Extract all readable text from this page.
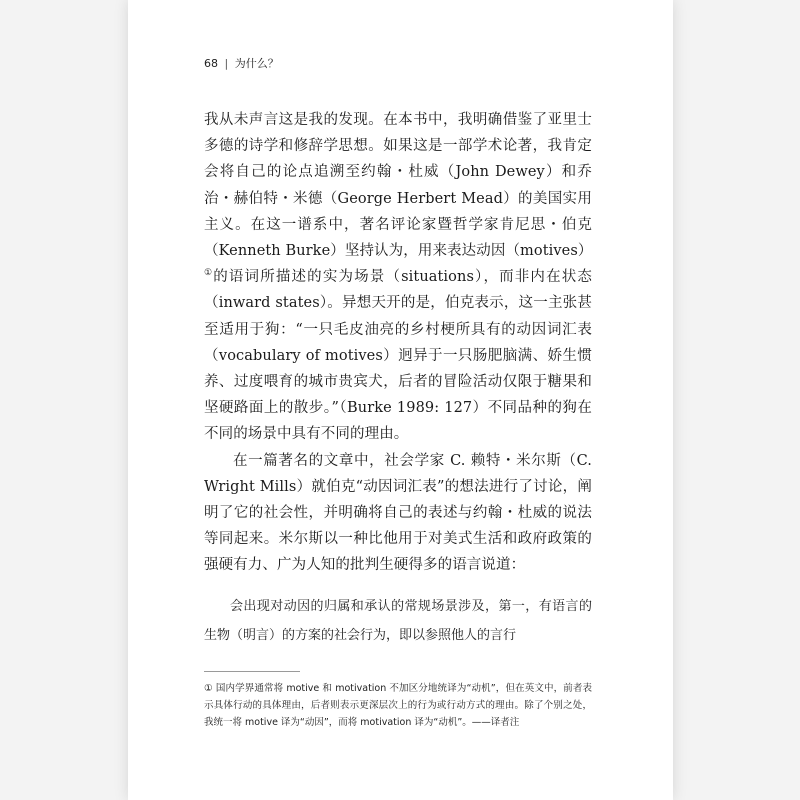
68 | 为什么？

我从未声言这是我的发现。在本书中，我明确借鉴了亚里士多德的诗学和修辞学思想。如果这是一部学术论著，我肯定会将自己的论点追溯至约翰・杜威（John Dewey）和乔治・赫伯特・米德（George Herbert Mead）的美国实用主义。在这一谱系中，著名评论家暨哲学家肯尼思・伯克（Kenneth Burke）坚持认为，用来表达动因（motives）①的语词所描述的实为场景（situations），而非内在状态（inward states）。异想天开的是，伯克表示，这一主张甚至适用于狗：“一只毛皮油亮的乡村梗所具有的动因词汇表（vocabulary of motives）迥异于一只肠肥脑满、娇生惯养、过度喂育的城市贵宾犬，后者的冒险活动仅限于糖果和坚硬路面上的散步。”（Burke 1989: 127）不同品种的狗在不同的场景中具有不同的理由。

在一篇著名的文章中，社会学家 C. 赖特・米尔斯（C. Wright Mills）就伯克“动因词汇表”的想法进行了讨论，阐明了它的社会性，并明确将自己的表述与约翰・杜威的说法等同起来。米尔斯以一种比他用于对美式生活和政府政策的强硬有力、广为人知的批判生硬得多的语言说道：

会出现对动因的归属和承认的常规场景涉及，第一，有语言的生物（明言）的方案的社会行为，即以参照他人的言行
① 国内学界通常将 motive 和 motivation 不加区分地统译为“动机”，但在英文中，前者表示具体行动的具体理由，后者则表示更深层次上的行为或行动方式的理由。除了个别之处，我统一将 motive 译为“动因”，而将 motivation 译为“动机”。——译者注
